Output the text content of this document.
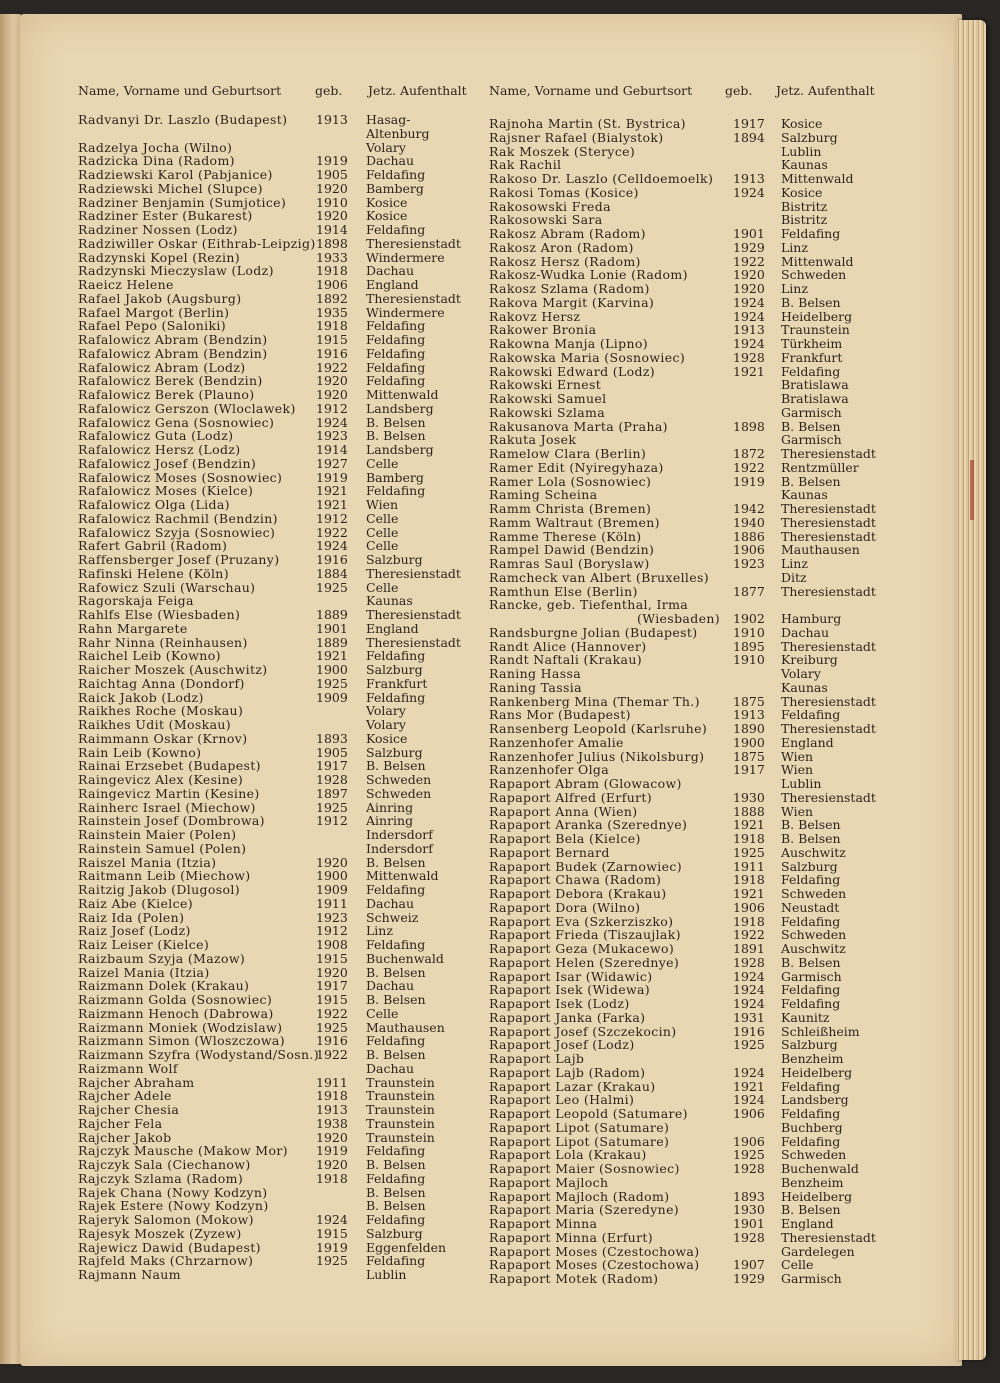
Name, Vorname und Geburtsort	geb. Jetz. Aufenthalt Name, Vorname und Geburtsort	geb. Jetz. Aufenthalt
Radvanyi Dr. Laszlo (Budapest) 1913 Hasag-
Altenburg
Radzelya Jocha (Wilno)	Volary
Radzicka Dina (Radom)	1919 Dachau
Radziewski Karol (Pabjanice)	1905 Feldafing
Radziewski Michel (Slupce)	1920 Bamberg
Radziner Benjamin (Sumjotice) 1910 Kosice
Radziner Ester (Bukarest)	1920 Kosice
Radziner Nossen (Lodz)	1914 Feldafing
Radziwiller Oskar (Eithrab-Leipzig) 1898 Theresienstadt
Radzynski Kopel (Rezin)	1933 Windermere
Radzynski Mieczyslaw (Lodz)	1918 Dachau
Raeicz Helene	1906 England
Rafael Jakob (Augsburg)	1892 Theresienstadt
Rafael Margot (Berlin)	1935 Windermere
Rafael Pepo (Saloniki)	1918 Feldafing
Rafalowicz Abram (Bendzin)	1915 Feldafing
Rafalowicz Abram (Bendzin)	1916 Feldafing
Rafalowicz Abram (Lodz)	1922 Feldafing
Rafalowicz Berek (Bendzin)	1920 Feldafing
Rafalowicz Berek (Plauno)	1920 Mittenwald
Rafalowicz Gerszon (Wloclawek) 1912 Landsberg
Rafalowicz Gena (Sosnowiec)	1924 B. Belsen
Rafalowicz Guta (Lodz)	1923 B. Belsen
Rafalowicz Hersz (Lodz)	1914 Landsberg
Rafalowicz Josef (Bendzin)	1927 Celle
Rafalowicz Moses (Sosnowiec)	1919 Bamberg
Rafalowicz Moses (Kielce)	1921 Feldafing
Rafalowicz Olga (Lida)	1921 Wien
Rafalowicz Rachmil (Bendzin)	1912 Celle
Rafalowicz Szyja (Sosnowiec)	1922 Celle
Rafert Gabril (Radom)	1924 Celle
Raffensberger Josef (Pruzany)	1916 Salzburg
Rafinski Helene (Köln)	1884 Theresienstadt
Rafowicz Szuli (Warschau)	1925 Celle
Ragorskaja Feiga	Kaunas
Rahlfs Else (Wiesbaden)	1889 Theresienstadt
Rahn Margarete	1901 England
Rahr Ninna (Reinhausen)	1889 Theresienstadt
Raichel Leib (Kowno)	1921 Feldafing
Raicher Moszek (Auschwitz)	1900 Salzburg
Raichtag Anna (Dondorf)	1925 Frankfurt
Raick Jakob (Lodz)	1909 Feldafing
Raikhes Roche (Moskau)	Volary
Raikhes Udit (Moskau)	Volary
Raimmann Oskar (Krnov)	1893 Kosice
Rain Leib (Kowno)	1905 Salzburg
Rainai Erzsebet (Budapest)	1917 B. Belsen
Raingevicz Alex (Kesine)	1928 Schweden
Raingevicz Martin (Kesine)	1897 Schweden
Rainherc Israel (Miechow)	1925 Ainring
Rainstein Josef (Dombrowa)	1912 Ainring
Rainstein Maier (Polen)	Indersdorf
Rainstein Samuel (Polen)	Indersdorf
Raiszel Mania (Itzia)	1920 B. Belsen
Raitmann Leib (Miechow)	1900 Mittenwald
Raitzig Jakob (Dlugosol)	1909 Feldafing
Raiz Abe (Kielce)	1911 Dachau
Raiz Ida (Polen)	1923 Schweiz
Raiz Josef (Lodz)	1912 Linz
Raiz Leiser (Kielce)	1908 Feldafing
Raizbaum Szyja (Mazow)	1915 Buchenwald
Raizel Mania (Itzia)	1920 B. Belsen
Raizmann Dolek (Krakau)	1917 Dachau
Raizmann Golda (Sosnowiec)	1915 B. Belsen
Raizmann Henoch (Dabrowa)	1922 Celle
Raizmann Moniek (Wodzislaw)	1925 Mauthausen
Raizmann Simon (Wloszczowa) 1916 Feldafing
Raizmann Szyfra (Wodystand/Sosn.)
1922 B. Belsen
Raizmann Wolf	Dachau
Rajcher Abraham	1911 Traunstein
Rajcher Adele	1918 Traunstein
Rajcher Chesia	1913 Traunstein
Rajcher Fela	1938 Traunstein
Rajcher Jakob	1920 Traunstein
Rajczyk Mausche (Makow Mor) 1919 Feldafing
Rajczyk Sala (Ciechanow)	1920 B. Belsen
Rajczyk Szlama (Radom)	1918 Feldafing
Rajek Chana (Nowy Kodzyn)	B. Belsen
Rajek Estere (Nowy Kodzyn)	B. Belsen
Rajeryk Salomon (Mokow)	1924 Feldafing
Rajesyk Moszek (Zyzew)	1915 Salzburg
Rajewicz Dawid (Budapest)	1919 Eggenfelden
Rajfeld Maks (Chrzarnow)	1925 Feldafing
Rajmann Naum	Lublin
Rajnoha Martin (St. Bystrica)	1917 Kosice
Rajsner Rafael (Bialystok)	1894 Salzburg
Rak Moszek (Steryce)	Lublin
Rak Rachil	Kaunas
Rakoso Dr. Laszlo (Celldoemoelk) 1913 Mittenwald
Rakosi Tomas (Kosice)	1924 Kosice
Rakosowski Freda	Bistritz
Rakosowski Sara	Bistritz
Rakosz Abram (Radom)	1901 Feldafing
Rakosz Aron (Radom)	1929 Linz
Rakosz Hersz (Radom)	1922 Mittenwald
Rakosz-Wudka Lonie (Radom)	1920 Schweden
Rakosz Szlama (Radom)	1920 Linz
Rakova Margit (Karvina)	1924 B. Belsen
Rakovz Hersz	1924 Heidelberg
Rakower Bronia	1913 Traunstein
Rakowna Manja (Lipno)	1924 Türkheim
Rakowska Maria (Sosnowiec)	1928 Frankfurt
Rakowski Edward (Lodz)	1921 Feldafing
Rakowski Ernest	Bratislawa
Rakowski Samuel	Bratislawa
Rakowski Szlama	Garmisch
Rakusanova Marta (Praha)	1898 B. Belsen
Rakuta Josek	Garmisch
Ramelow Clara (Berlin)	1872 Theresienstadt
Ramer Edit (Nyiregyhaza)	1922 Rentzmüller
Ramer Lola (Sosnowiec)	1919 B. Belsen
Raming Scheina	Kaunas
Ramm Christa (Bremen)	1942 Theresienstadt
Ramm Waltraut (Bremen)	1940 Theresienstadt
Ramme Therese (Köln)	1886 Theresienstadt
Rampel Dawid (Bendzin)	1906 Mauthausen
Ramras Saul (Boryslaw)	1923 Linz
Ramcheck van Albert (Bruxelles)	Ditz
Ramthun Else (Berlin)	1877 Theresienstadt
Rancke, geb. Tiefenthal, Irma
(Wiesbaden) 1902 Hamburg
Randsburgne Jolian (Budapest)	1910 Dachau
Randt Alice (Hannover)	1895 Theresienstadt
Randt Naftali (Krakau)	1910 Kreiburg
Raning Hassa	Volary
Raning Tassia	Kaunas
Rankenberg Mina (Themar Th.)	1875 Theresienstadt
Rans Mor (Budapest)	1913 Feldafing
Ransenberg Leopold (Karlsruhe) 1890 Theresienstadt
Ranzenhofer Amalie	1900 England
Ranzenhofer Julius (Nikolsburg) 1875 Wien
Ranzenhofer Olga	1917 Wien
Rapaport Abram (Glowacow)	Lublin
Rapaport Alfred (Erfurt)	1930 Theresienstadt
Rapaport Anna (Wien)	1888 Wien
Rapaport Aranka (Szerednye)	1921 B. Belsen
Rapaport Bela (Kielce)	1918 B. Belsen
Rapaport Bernard	1925 Auschwitz
Rapaport Budek (Zarnowiec)	1911 Salzburg
Rapaport Chawa (Radom)	1918 Feldafing
Rapaport Debora (Krakau)	1921 Schweden
Rapaport Dora (Wilno)	1906 Neustadt
Rapaport Eva (Szkerziszko)	1918 Feldafing
Rapaport Frieda (Tiszaujlak)	1922 Schweden
Rapaport Geza (Mukacewo)	1891 Auschwitz
Rapaport Helen (Szerednye)	1928 B. Belsen
Rapaport Isar (Widawic)	1924 Garmisch
Rapaport Isek (Widewa)	1924 Feldafing
Rapaport Isek (Lodz)	1924 Feldafing
Rapaport Janka (Farka)	1931 Kaunitz
Rapaport Josef (Szczekocin)	1916 Schleißheim
Rapaport Josef (Lodz)	1925 Salzburg
Rapaport Lajb	Benzheim
Rapaport Lajb (Radom)	1924 Heidelberg
Rapaport Lazar (Krakau)	1921 Feldafing
Rapaport Leo (Halmi)	1924 Landsberg
Rapaport Leopold (Satumare)	1906 Feldafing
Rapaport Lipot (Satumare)	Buchberg
Rapaport Lipot (Satumare)	1906 Feldafing
Rapaport Lola (Krakau)	1925 Schweden
Rapaport Maier (Sosnowiec)	1928 Buchenwald
Rapaport Majloch	Benzheim
Rapaport Majloch (Radom)	1893 Heidelberg
Rapaport Maria (Szeredyne)	1930 B. Belsen
Rapaport Minna	1901 England
Rapaport Minna (Erfurt)	1928 Theresienstadt
Rapaport Moses (Czestochowa)	Gardelegen
Rapaport Moses (Czestochowa)	1907 Celle
Rapaport Motek (Radom)	1929 Garmisch
